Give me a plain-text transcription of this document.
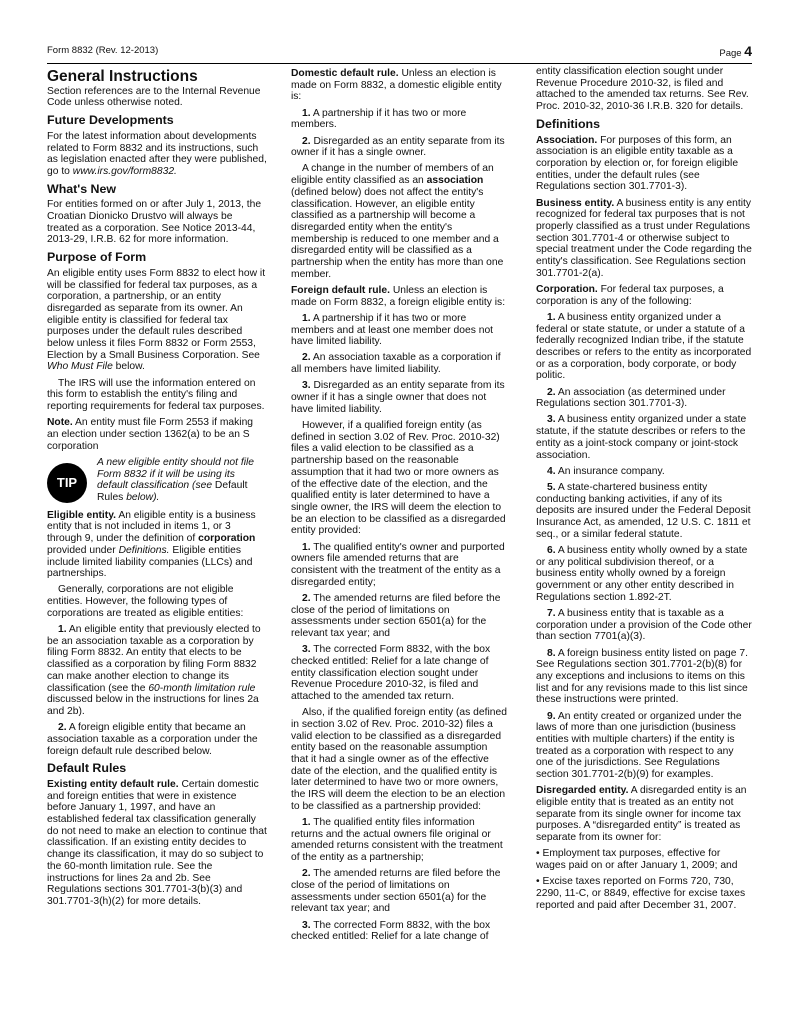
Form 8832 (Rev. 12-2013)	Page 4
General Instructions

Section references are to the Internal Revenue Code unless otherwise noted.

Future Developments

For the latest information about developments related to Form 8832 and its instructions, such as legislation enacted after they were published, go to www.irs.gov/form8832.

What's New

For entities formed on or after July 1, 2013, the Croatian Dionicko Drustvo will always be treated as a corporation. See Notice 2013-44, 2013-29, I.R.B. 62 for more information.

Purpose of Form

An eligible entity uses Form 8832 to elect how it will be classified for federal tax purposes, as a corporation, a partnership, or an entity disregarded as separate from its owner. An eligible entity is classified for federal tax purposes under the default rules described below unless it files Form 8832 or Form 2553, Election by a Small Business Corporation. See Who Must File below.

The IRS will use the information entered on this form to establish the entity's filing and reporting requirements for federal tax purposes.

Note. An entity must file Form 2553 if making an election under section 1362(a) to be an S corporation

TIP
A new eligible entity should not file Form 8832 if it will be using its default classification (see Default Rules below).

Eligible entity. An eligible entity is a business entity that is not included in items 1, or 3 through 9, under the definition of corporation provided under Definitions. Eligible entities include limited liability companies (LLCs) and partnerships.

Generally, corporations are not eligible entities. However, the following types of corporations are treated as eligible entities:

1. An eligible entity that previously elected to be an association taxable as a corporation by filing Form 8832. An entity that elects to be classified as a corporation by filing Form 8832 can make another election to change its classification (see the 60-month limitation rule discussed below in the instructions for lines 2a and 2b).

2. A foreign eligible entity that became an association taxable as a corporation under the foreign default rule described below.

Default Rules

Existing entity default rule. Certain domestic and foreign entities that were in existence before January 1, 1997, and have an established federal tax classification generally do not need to make an election to continue that classification. If an existing entity decides to change its classification, it may do so subject to the 60-month limitation rule. See the instructions for lines 2a and 2b. See Regulations sections 301.7701-3(b)(3) and 301.7701-3(h)(2) for more details.

Domestic default rule. Unless an election is made on Form 8832, a domestic eligible entity is:

1. A partnership if it has two or more members.

2. Disregarded as an entity separate from its owner if it has a single owner.

A change in the number of members of an eligible entity classified as an association (defined below) does not affect the entity's classification. However, an eligible entity classified as a partnership will become a disregarded entity when the entity's membership is reduced to one member and a disregarded entity will be classified as a partnership when the entity has more than one member.

Foreign default rule. Unless an election is made on Form 8832, a foreign eligible entity is:

1. A partnership if it has two or more members and at least one member does not have limited liability.

2. An association taxable as a corporation if all members have limited liability.

3. Disregarded as an entity separate from its owner if it has a single owner that does not have limited liability.

However, if a qualified foreign entity (as defined in section 3.02 of Rev. Proc. 2010-32) files a valid election to be classified as a partnership based on the reasonable assumption that it had two or more owners as of the effective date of the election, and the qualified entity is later determined to have a single owner, the IRS will deem the election to be an election to be classified as a disregarded entity provided:

1. The qualified entity's owner and purported owners file amended returns that are consistent with the treatment of the entity as a disregarded entity;

2. The amended returns are filed before the close of the period of limitations on assessments under section 6501(a) for the relevant tax year; and

3. The corrected Form 8832, with the box checked entitled: Relief for a late change of entity classification election sought under Revenue Procedure 2010-32, is filed and attached to the amended tax return.

Also, if the qualified foreign entity (as defined in section 3.02 of Rev. Proc. 2010-32) files a valid election to be classified as a disregarded entity based on the reasonable assumption that it had a single owner as of the effective date of the election, and the qualified entity is later determined to have two or more owners, the IRS will deem the election to be an election to be classified as a partnership provided:

1. The qualified entity files information returns and the actual owners file original or amended returns consistent with the treatment of the entity as a partnership;

2. The amended returns are filed before the close of the period of limitations on assessments under section 6501(a) for the relevant tax year; and

3. The corrected Form 8832, with the box checked entitled: Relief for a late change of

entity classification election sought under Revenue Procedure 2010-32, is filed and attached to the amended tax returns. See Rev. Proc. 2010-32, 2010-36 I.R.B. 320 for details.

Definitions

Association. For purposes of this form, an association is an eligible entity taxable as a corporation by election or, for foreign eligible entities, under the default rules (see Regulations section 301.7701-3).

Business entity. A business entity is any entity recognized for federal tax purposes that is not properly classified as a trust under Regulations section 301.7701-4 or otherwise subject to special treatment under the Code regarding the entity's classification. See Regulations section 301.7701-2(a).

Corporation. For federal tax purposes, a corporation is any of the following:

1. A business entity organized under a federal or state statute, or under a statute of a federally recognized Indian tribe, if the statute describes or refers to the entity as incorporated or as a corporation, body corporate, or body politic.

2. An association (as determined under Regulations section 301.7701-3).

3. A business entity organized under a state statute, if the statute describes or refers to the entity as a joint-stock company or joint-stock association.

4. An insurance company.

5. A state-chartered business entity conducting banking activities, if any of its deposits are insured under the Federal Deposit Insurance Act, as amended, 12 U.S. C. 1811 et seq., or a similar federal statute.

6. A business entity wholly owned by a state or any political subdivision thereof, or a business entity wholly owned by a foreign government or any other entity described in Regulations section 1.892-2T.

7. A business entity that is taxable as a corporation under a provision of the Code other than section 7701(a)(3).

8. A foreign business entity listed on page 7. See Regulations section 301.7701-2(b)(8) for any exceptions and inclusions to items on this list and for any revisions made to this list since these instructions were printed.

9. An entity created or organized under the laws of more than one jurisdiction (business entities with multiple charters) if the entity is treated as a corporation with respect to any one of the jurisdictions. See Regulations section 301.7701-2(b)(9) for examples.

Disregarded entity. A disregarded entity is an eligible entity that is treated as an entity not separate from its single owner for income tax purposes. A “disregarded entity” is treated as separate from its owner for:

• Employment tax purposes, effective for wages paid on or after January 1, 2009; and

• Excise taxes reported on Forms 720, 730, 2290, 11-C, or 8849, effective for excise taxes reported and paid after December 31, 2007.
